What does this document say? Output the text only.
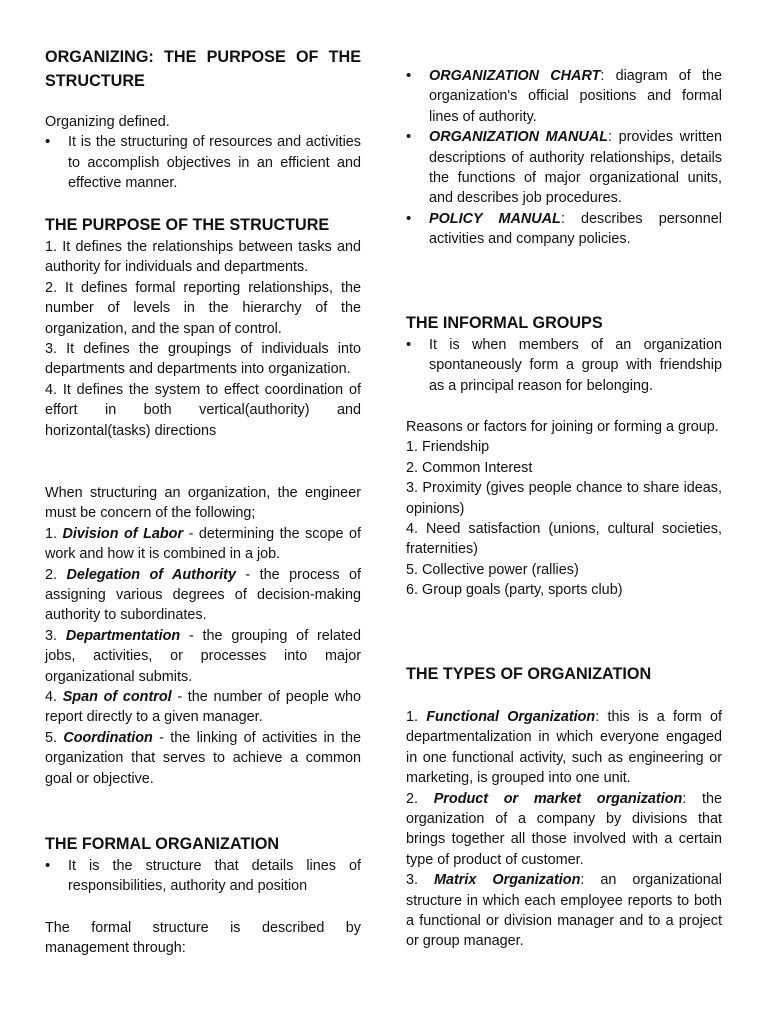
ORGANIZING: THE PURPOSE OF THE STRUCTURE

Organizing defined.

• It is the structuring of resources and activities to accomplish objectives in an efficient and effective manner.
THE PURPOSE OF THE STRUCTURE

1. It defines the relationships between tasks and authority for individuals and departments.

2. It defines formal reporting relationships, the number of levels in the hierarchy of the organization, and the span of control.

3. It defines the groupings of individuals into departments and departments into organization.

4. It defines the system to effect coordination of effort in both vertical(authority) and horizontal(tasks) directions

When structuring an organization, the engineer must be concern of the following;

1. Division of Labor - determining the scope of work and how it is combined in a job.

2. Delegation of Authority - the process of assigning various degrees of decision-making authority to subordinates.

3. Departmentation - the grouping of related jobs, activities, or processes into major organizational submits.

4. Span of control - the number of people who report directly to a given manager.

5. Coordination - the linking of activities in the organization that serves to achieve a common goal or objective.

THE FORMAL ORGANIZATION
• It is the structure that details lines of responsibilities, authority and position

The formal structure is described by management through:

• ORGANIZATION CHART: diagram of the organization's official positions and formal lines of authority.
• ORGANIZATION MANUAL: provides written descriptions of authority relationships, details the functions of major organizational units, and describes job procedures.
• POLICY MANUAL: describes personnel activities and company policies.
THE INFORMAL GROUPS
• It is when members of an organization spontaneously form a group with friendship as a principal reason for belonging.

Reasons or factors for joining or forming a group.

1. Friendship

2. Common Interest

3. Proximity (gives people chance to share ideas, opinions)

4. Need satisfaction (unions, cultural societies, fraternities)

5. Collective power (rallies)

6. Group goals (party, sports club)

THE TYPES OF ORGANIZATION

1. Functional Organization: this is a form of departmentalization in which everyone engaged in one functional activity, such as engineering or marketing, is grouped into one unit.

2. Product or market organization: the organization of a company by divisions that brings together all those involved with a certain type of product of customer.

3. Matrix Organization: an organizational structure in which each employee reports to both a functional or division manager and to a project or group manager.
